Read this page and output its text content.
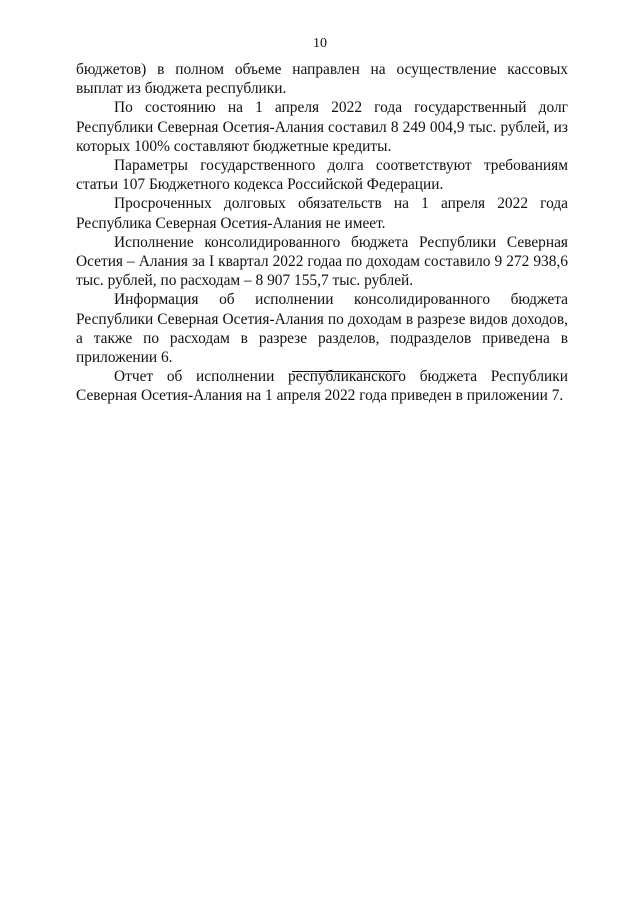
10

бюджетов) в полном объеме направлен на осуществление кассовых выплат из бюджета республики.

По состоянию на 1 апреля 2022 года государственный долг Республики Северная Осетия-Алания составил 8 249 004,9 тыс. рублей, из которых 100% составляют бюджетные кредиты.

Параметры государственного долга соответствуют требованиям статьи 107 Бюджетного кодекса Российской Федерации.

Просроченных долговых обязательств на 1 апреля 2022 года Республика Северная Осетия-Алания не имеет.

Исполнение консолидированного бюджета Республики Северная Осетия – Алания за I квартал 2022 годаа по доходам составило 9 272 938,6 тыс. рублей, по расходам – 8 907 155,7 тыс. рублей.

Информация об исполнении консолидированного бюджета Республики Северная Осетия-Алания по доходам в разрезе видов доходов, а также по расходам в разрезе разделов, подразделов приведена в приложении 6.

Отчет об исполнении республиканского бюджета Республики Северная Осетия-Алания на 1 апреля 2022 года приведен в приложении 7.
